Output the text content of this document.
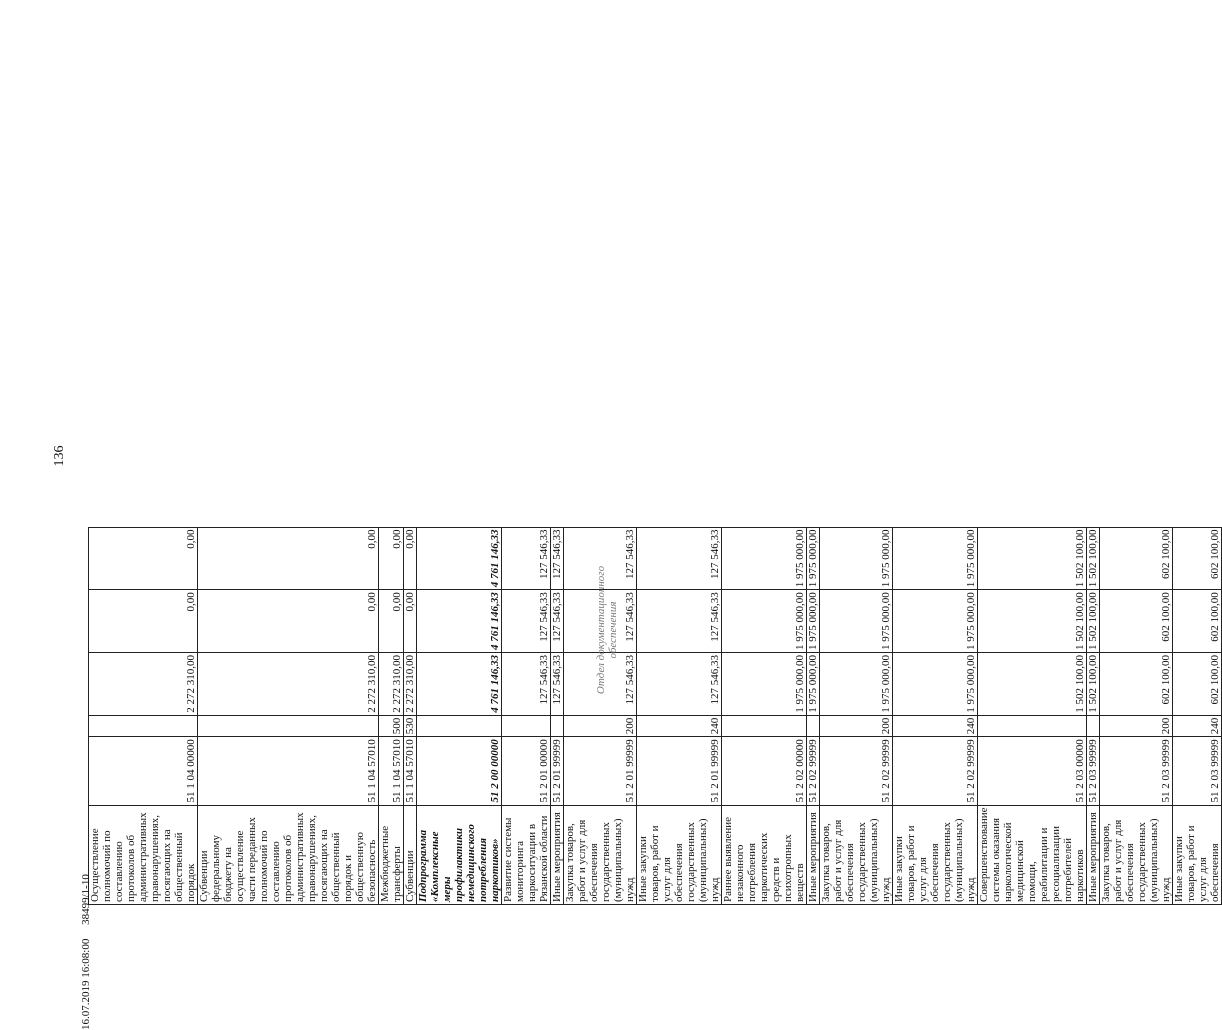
136
Осуществление полномочий по составлению протоколов об административных правонарушениях, посягающих на общественный порядок	51 1 04 00000		2 272 310,00	0,00	0,00
Субвенции федеральному бюджету на осуществление части переданных полномочий по составлению протоколов об административных правонарушениях, посягающих на общественный порядок и общественную безопасность	51 1 04 57010		2 272 310,00	0,00	0,00
Межбюджетные трансферты	51 1 04 57010	500	2 272 310,00	0,00	0,00
Субвенции	51 1 04 57010	530	2 272 310,00	0,00	0,00
Подпрограмма «Комплексные меры профилактики немедицинского потребления наркотиков»	51 2 00 00000		4 761 146,33	4 761 146,33	4 761 146,33
Развитие системы мониторинга наркоситуации в Рязанской области	51 2 01 00000		127 546,33	127 546,33	127 546,33
Иные мероприятия	51 2 01 99999		127 546,33	127 546,33	127 546,33
Закупка товаров, работ и услуг для обеспечения государственных (муниципальных) нужд	51 2 01 99999	200	127 546,33	127 546,33	127 546,33
Иные закупки товаров, работ и услуг для обеспечения государственных (муниципальных) нужд	51 2 01 99999	240	127 546,33	127 546,33	127 546,33
Раннее выявление незаконного потребления наркотических средств и психотропных веществ	51 2 02 00000		1 975 000,00	1 975 000,00	1 975 000,00
Иные мероприятия	51 2 02 99999		1 975 000,00	1 975 000,00	1 975 000,00
Закупка товаров, работ и услуг для обеспечения государственных (муниципальных) нужд	51 2 02 99999	200	1 975 000,00	1 975 000,00	1 975 000,00
Иные закупки товаров, работ и услуг для обеспечения государственных (муниципальных) нужд	51 2 02 99999	240	1 975 000,00	1 975 000,00	1 975 000,00
Совершенствование системы оказания наркологической медицинской помощи, реабилитации и ресоциализации потребителей наркотиков	51 2 03 00000		1 502 100,00	1 502 100,00	1 502 100,00
Иные мероприятия	51 2 03 99999		1 502 100,00	1 502 100,00	1 502 100,00
Закупка товаров, работ и услуг для обеспечения государственных (муниципальных) нужд	51 2 03 99999	200	602 100,00	602 100,00	602 100,00
Иные закупки товаров, работ и услуг для обеспечения	51 2 03 99999	240	602 100,00	602 100,00	602 100,00
Отдел документационного обеспечения
16.07.2019 16:08:00     38499/1-10
